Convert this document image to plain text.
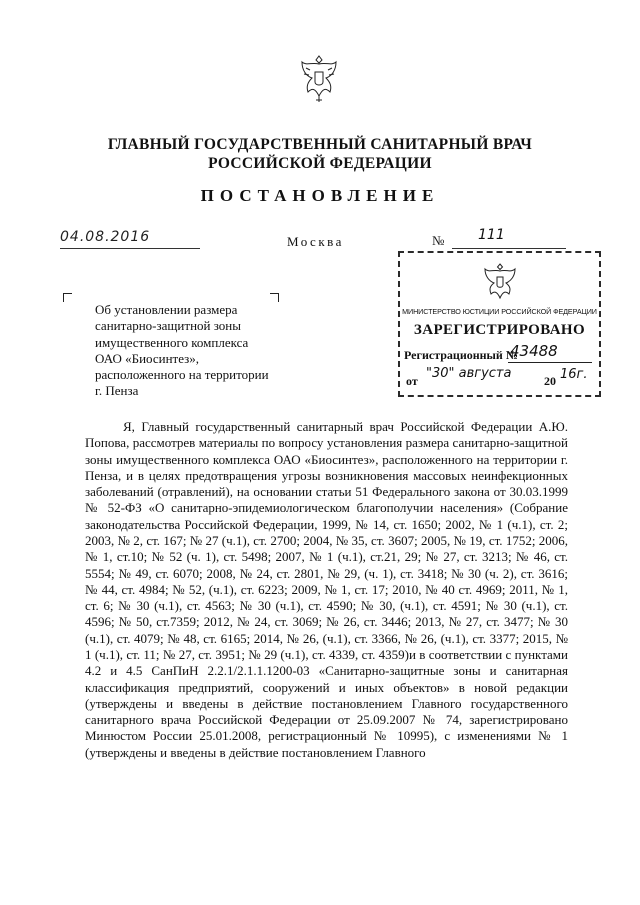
ГЛАВНЫЙ ГОСУДАРСТВЕННЫЙ САНИТАРНЫЙ ВРАЧ
РОССИЙСКОЙ ФЕДЕРАЦИИ
ПОСТАНОВЛЕНИЕ
04.08.2016	Москва	№ 111
МИНИСТЕРСТВО ЮСТИЦИИ РОССИЙСКОЙ ФЕДЕРАЦИИ
ЗАРЕГИСТРИРОВАНО
Регистрационный №
43488
от "30" августа	20 16г.
Об установлении размера
санитарно-защитной зоны
имущественного комплекса
ОАО «Биосинтез»,
расположенного на территории
г. Пенза

Я, Главный государственный санитарный врач Российской Федерации А.Ю. Попова, рассмотрев материалы по вопросу установления размера санитарно-защитной зоны имущественного комплекса ОАО «Биосинтез», расположенного на территории г. Пенза, и в целях предотвращения угрозы возникновения массовых неинфекционных заболеваний (отравлений), на основании статьи 51 Федерального закона от 30.03.1999 № 52-ФЗ «О санитарно-эпидемиологическом благополучии населения» (Собрание законодательства Российской Федерации, 1999, № 14, ст. 1650; 2002, № 1 (ч.1), ст. 2; 2003, № 2, ст. 167; № 27 (ч.1), ст. 2700; 2004, № 35, ст. 3607; 2005, № 19, ст. 1752; 2006, № 1, ст.10; № 52 (ч. 1), ст. 5498; 2007, № 1 (ч.1), ст.21, 29; № 27, ст. 3213; № 46, ст. 5554; № 49, ст. 6070; 2008, № 24, ст. 2801, № 29, (ч. 1), ст. 3418; № 30 (ч. 2), ст. 3616; № 44, ст. 4984; № 52, (ч.1), ст. 6223; 2009, № 1, ст. 17; 2010, № 40 ст. 4969; 2011, № 1, ст. 6; № 30 (ч.1), ст. 4563; № 30 (ч.1), ст. 4590; № 30, (ч.1), ст. 4591; № 30 (ч.1), ст. 4596; № 50, ст.7359; 2012, № 24, ст. 3069; № 26, ст. 3446; 2013, № 27, ст. 3477; № 30 (ч.1), ст. 4079; № 48, ст. 6165; 2014, № 26, (ч.1), ст. 3366, № 26, (ч.1), ст. 3377; 2015, № 1 (ч.1), ст. 11; № 27, ст. 3951; № 29 (ч.1), ст. 4339, ст. 4359)и в соответствии с пунктами 4.2 и 4.5 СанПиН 2.2.1/2.1.1.1200-03 «Санитарно-защитные зоны и санитарная классификация предприятий, сооружений и иных объектов» в новой редакции (утверждены и введены в действие постановлением Главного государственного санитарного врача Российской Федерации от 25.09.2007 № 74, зарегистрировано Минюстом России 25.01.2008, регистрационный № 10995), с изменениями № 1 (утверждены и введены в действие постановлением Главного
